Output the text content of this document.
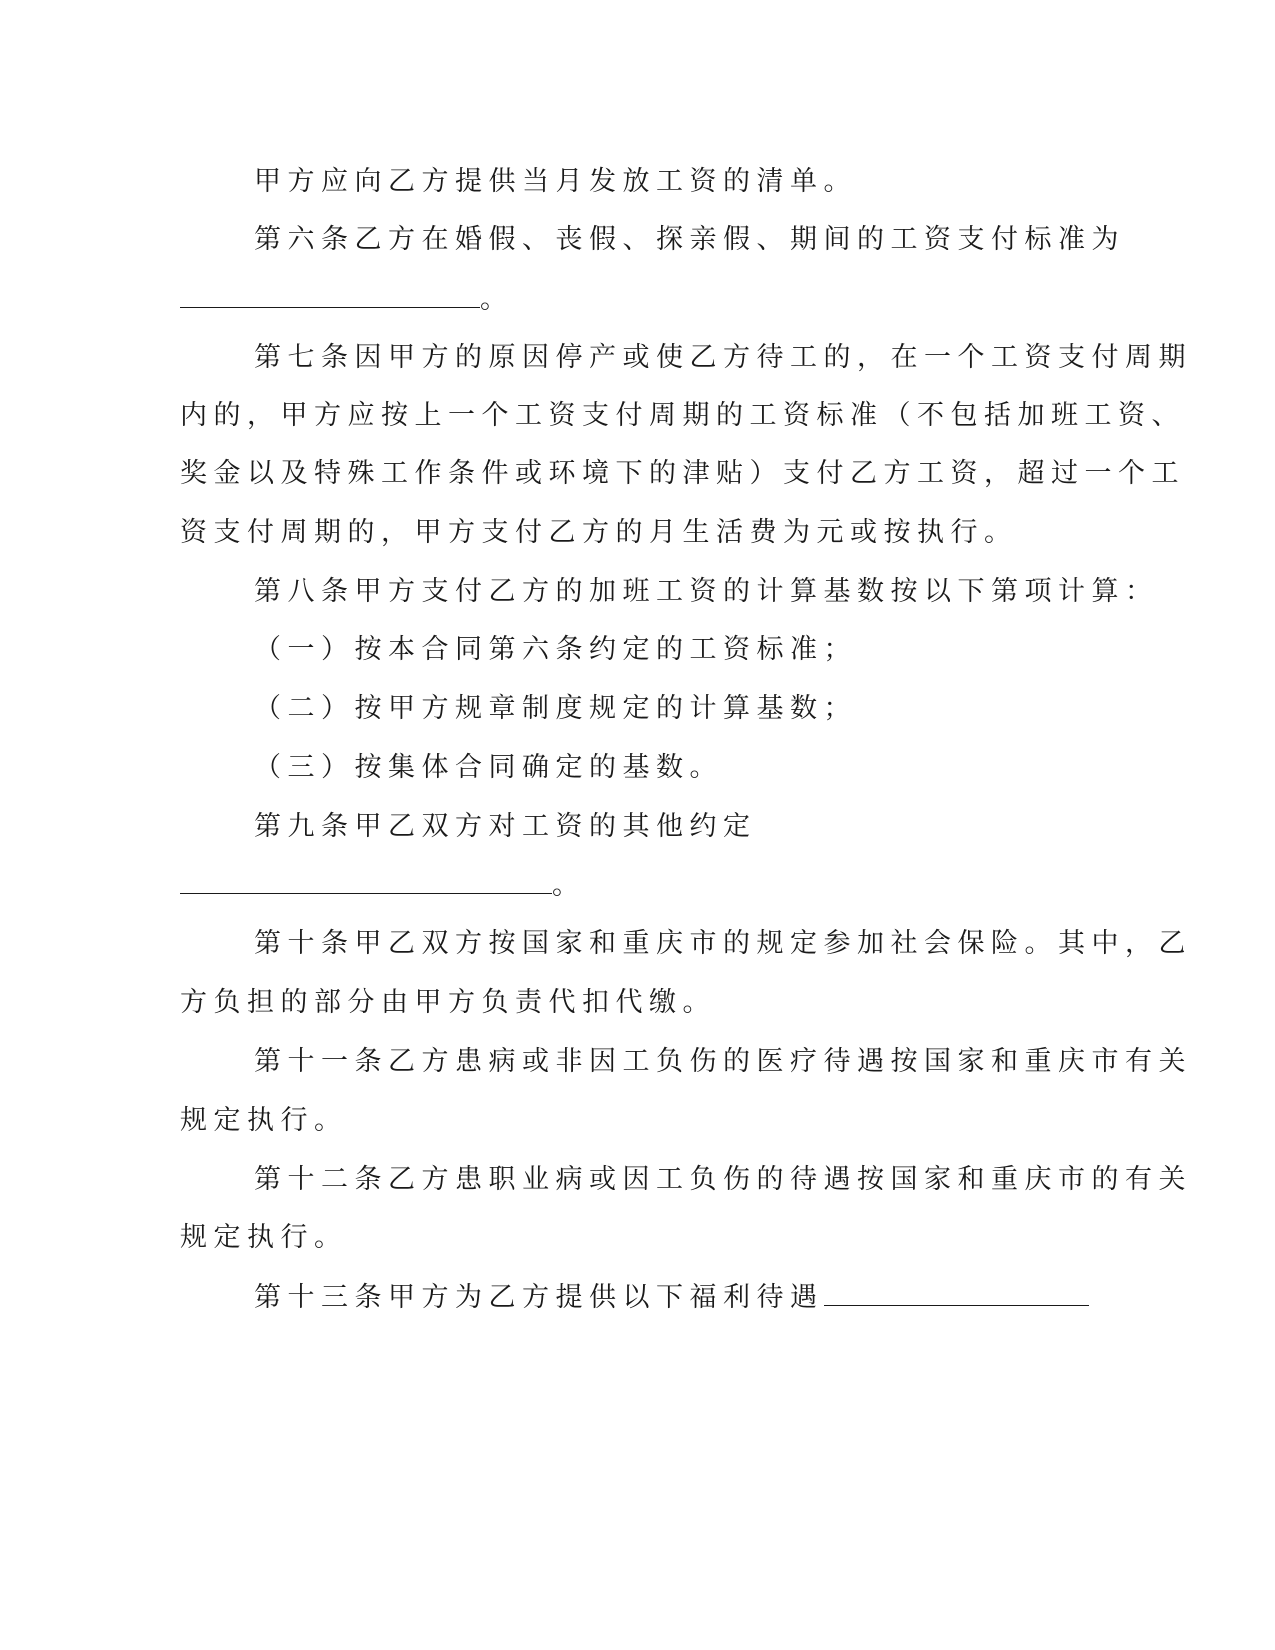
甲方应向乙方提供当月发放工资的清单。
第六条乙方在婚假、丧假、探亲假、期间的工资支付标准为
。
第七条因甲方的原因停产或使乙方待工的，在一个工资支付周期
内的，甲方应按上一个工资支付周期的工资标准（不包括加班工资、
奖金以及特殊工作条件或环境下的津贴）支付乙方工资，超过一个工
资支付周期的，甲方支付乙方的月生活费为元或按执行。
第八条甲方支付乙方的加班工资的计算基数按以下第项计算：
（一）按本合同第六条约定的工资标准；
（二）按甲方规章制度规定的计算基数；
（三）按集体合同确定的基数。
第九条甲乙双方对工资的其他约定
。
第十条甲乙双方按国家和重庆市的规定参加社会保险。其中，乙
方负担的部分由甲方负责代扣代缴。
第十一条乙方患病或非因工负伤的医疗待遇按国家和重庆市有关
规定执行。
第十二条乙方患职业病或因工负伤的待遇按国家和重庆市的有关
规定执行。
第十三条甲方为乙方提供以下福利待遇
